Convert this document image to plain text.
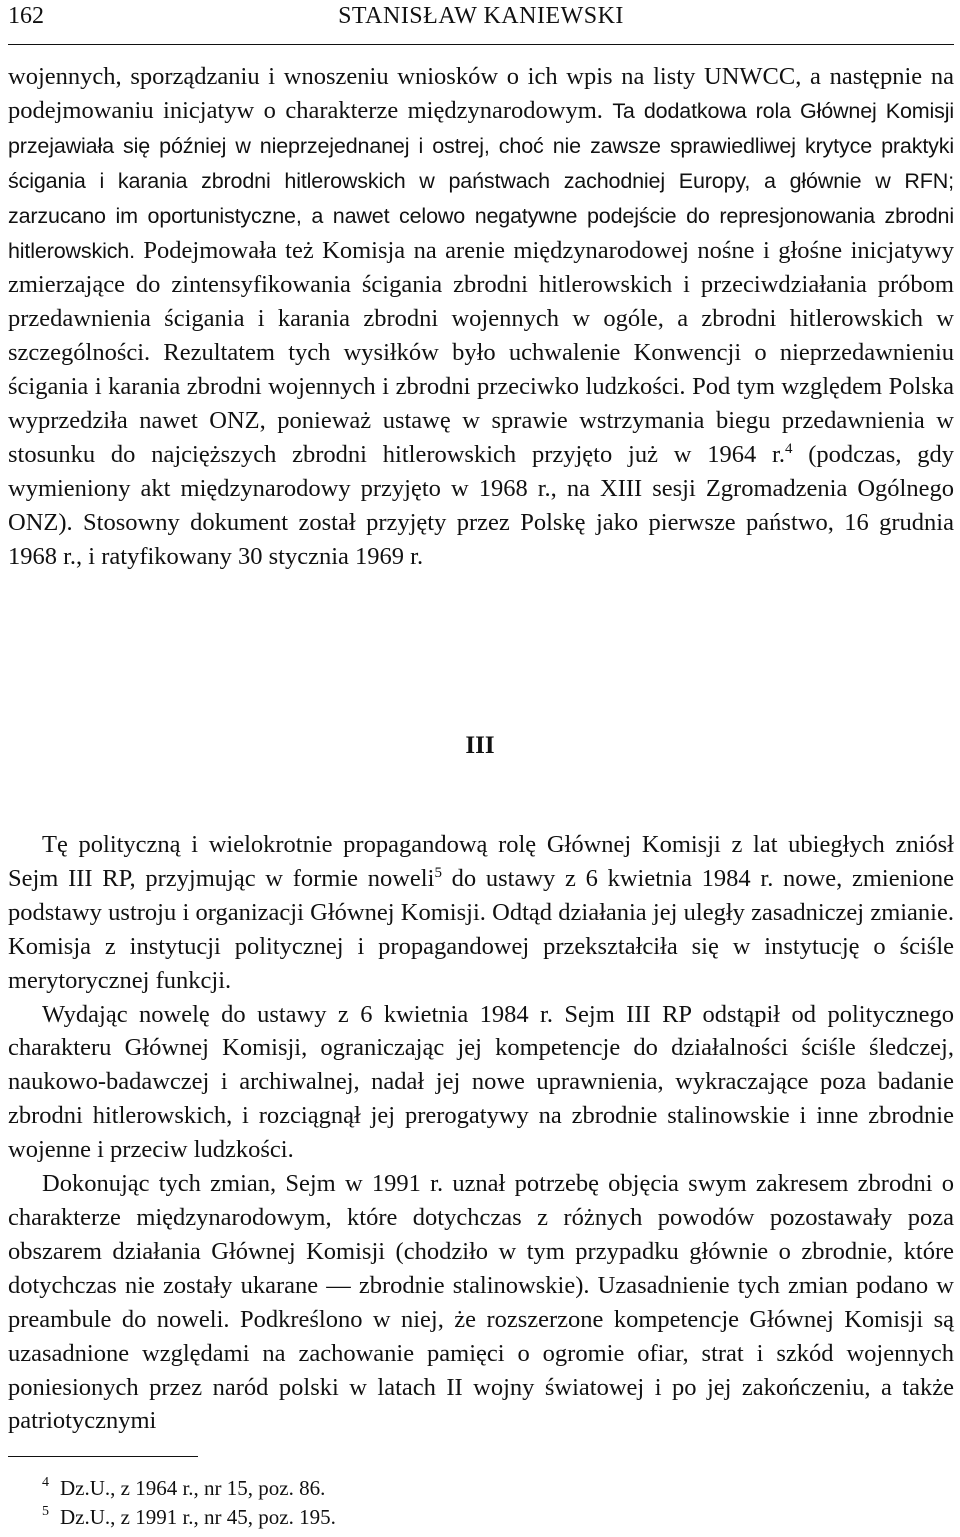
162	STANISŁAW KANIEWSKI

wojennych, sporządzaniu i wnoszeniu wniosków o ich wpis na listy UNWCC, a następnie na podejmowaniu inicjatyw o charakterze międzynarodowym. Ta dodatkowa rola Głównej Komisji przejawiała się później w nieprzejednanej i ostrej, choć nie zawsze sprawiedliwej krytyce praktyki ścigania i karania zbrodni hitlerowskich w państwach zachodniej Europy, a głównie w RFN; zarzucano im oportunistyczne, a nawet celowo negatywne podejście do represjonowania zbrodni hitlerowskich. Podejmowała też Komisja na arenie międzynarodowej nośne i głośne inicjatywy zmierzające do zintensyfikowania ścigania zbrodni hitlerowskich i przeciwdziałania próbom przedawnienia ścigania i karania zbrodni wojennych w ogóle, a zbrodni hitlerowskich w szczególności. Rezultatem tych wysiłków było uchwalenie Konwencji o nieprzedawnieniu ścigania i karania zbrodni wojennych i zbrodni przeciwko ludzkości. Pod tym względem Polska wyprzedziła nawet ONZ, ponieważ ustawę w sprawie wstrzymania biegu przedawnienia w stosunku do najcięższych zbrodni hitlerowskich przyjęto już w 1964 r.$^4$ (podczas, gdy wymieniony akt międzynarodowy przyjęto w 1968 r., na XIII sesji Zgromadzenia Ogólnego ONZ). Stosowny dokument został przyjęty przez Polskę jako pierwsze państwo, 16 grudnia 1968 r., i ratyfikowany 30 stycznia 1969 r.

III

Tę polityczną i wielokrotnie propagandową rolę Głównej Komisji z lat ubiegłych zniósł Sejm III RP, przyjmując w formie noweli$^5$ do ustawy z 6 kwietnia 1984 r. nowe, zmienione podstawy ustroju i organizacji Głównej Komisji. Odtąd działania jej uległy zasadniczej zmianie. Komisja z instytucji politycznej i propagandowej przekształciła się w instytucję o ściśle merytorycznej funkcji.

Wydając nowelę do ustawy z 6 kwietnia 1984 r. Sejm III RP odstąpił od politycznego charakteru Głównej Komisji, ograniczając jej kompetencje do działalności ściśle śledczej, naukowo-badawczej i archiwalnej, nadał jej nowe uprawnienia, wykraczające poza badanie zbrodni hitlerowskich, i rozciągnął jej prerogatywy na zbrodnie stalinowskie i inne zbrodnie wojenne i przeciw ludzkości.

Dokonując tych zmian, Sejm w 1991 r. uznał potrzebę objęcia swym zakresem zbrodni o charakterze międzynarodowym, które dotychczas z różnych powodów pozostawały poza obszarem działania Głównej Komisji (chodziło w tym przypadku głównie o zbrodnie, które dotychczas nie zostały ukarane — zbrodnie stalinowskie). Uzasadnienie tych zmian podano w preambule do noweli. Podkreślono w niej, że rozszerzone kompetencje Głównej Komisji są uzasadnione względami na zachowanie pamięci o ogromie ofiar, strat i szkód wojennych poniesionych przez naród polski w latach II wojny światowej i po jej zakończeniu, a także patriotycznymi

4 Dz.U., z 1964 r., nr 15, poz. 86.
5 Dz.U., z 1991 r., nr 45, poz. 195.
